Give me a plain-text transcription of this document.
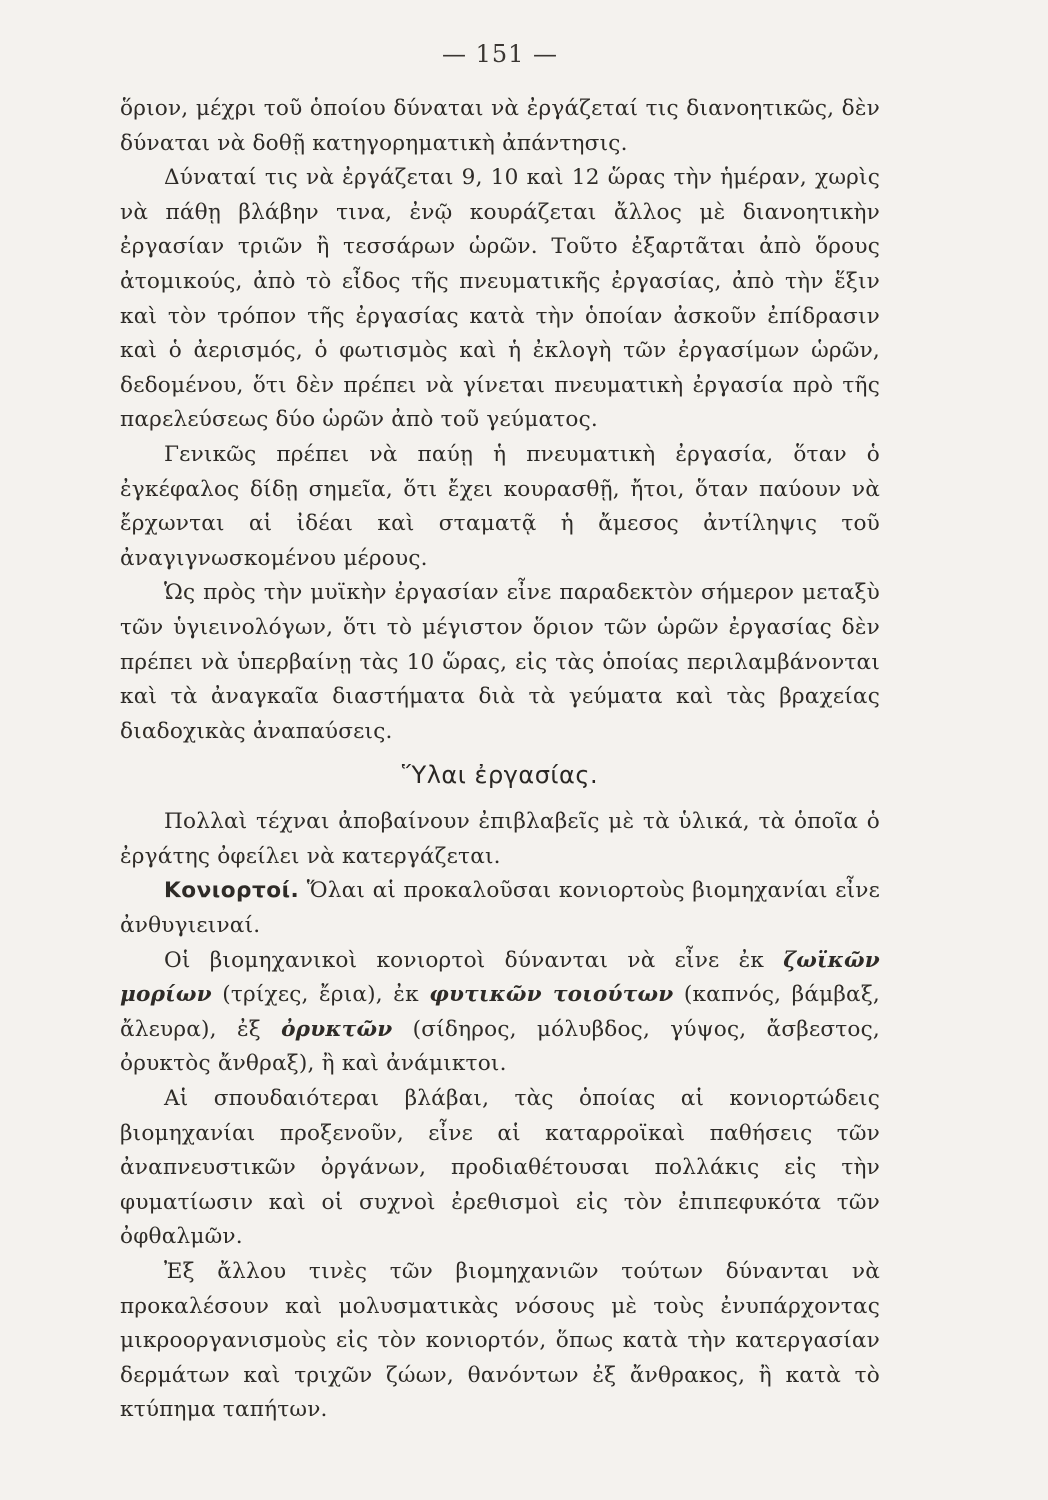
— 151 —

ὅριον, μέχρι τοῦ ὁποίου δύναται νὰ ἐργάζεταί τις διανοητικῶς, δὲν δύναται νὰ δοθῇ κατηγορηματικὴ ἀπάντησις.

Δύναταί τις νὰ ἐργάζεται 9, 10 καὶ 12 ὥρας τὴν ἡμέραν, χωρὶς νὰ πάθῃ βλάβην τινα, ἐνῷ κουράζεται ἄλλος μὲ διανοητικὴν ἐργασίαν τριῶν ἢ τεσσάρων ὡρῶν. Τοῦτο ἐξαρτᾶται ἀπὸ ὅρους ἀτομικούς, ἀπὸ τὸ εἶδος τῆς πνευματικῆς ἐργασίας, ἀπὸ τὴν ἕξιν καὶ τὸν τρόπον τῆς ἐργασίας κατὰ τὴν ὁποίαν ἀσκοῦν ἐπίδρασιν καὶ ὁ ἀερισμός, ὁ φωτισμὸς καὶ ἡ ἐκλογὴ τῶν ἐργασίμων ὡρῶν, δεδομένου, ὅτι δὲν πρέπει νὰ γίνεται πνευματικὴ ἐργασία πρὸ τῆς παρελεύσεως δύο ὡρῶν ἀπὸ τοῦ γεύματος.

Γενικῶς πρέπει νὰ παύῃ ἡ πνευματικὴ ἐργασία, ὅταν ὁ ἐγκέφαλος δίδῃ σημεῖα, ὅτι ἔχει κουρασθῇ, ἤτοι, ὅταν παύουν νὰ ἔρχωνται αἱ ἰδέαι καὶ σταματᾷ ἡ ἄμεσος ἀντίληψις τοῦ ἀναγιγνωσκομένου μέρους.

Ὡς πρὸς τὴν μυϊκὴν ἐργασίαν εἶνε παραδεκτὸν σήμερον μεταξὺ τῶν ὑγιεινολόγων, ὅτι τὸ μέγιστον ὅριον τῶν ὡρῶν ἐργασίας δὲν πρέπει νὰ ὑπερβαίνῃ τὰς 10 ὥρας, εἰς τὰς ὁποίας περιλαμβάνονται καὶ τὰ ἀναγκαῖα διαστήματα διὰ τὰ γεύματα καὶ τὰς βραχείας διαδοχικὰς ἀναπαύσεις.

Ὕλαι ἐργασίας.

Πολλαὶ τέχναι ἀποβαίνουν ἐπιβλαβεῖς μὲ τὰ ὑλικά, τὰ ὁποῖα ὁ ἐργάτης ὀφείλει νὰ κατεργάζεται.

Κονιορτοί. Ὅλαι αἱ προκαλοῦσαι κονιορτοὺς βιομηχανίαι εἶνε ἀνθυγιειναί.

Οἱ βιομηχανικοὶ κονιορτοὶ δύνανται νὰ εἶνε ἐκ ζωϊκῶν μορίων (τρίχες, ἔρια), ἐκ φυτικῶν τοιούτων (καπνός, βάμβαξ, ἄλευρα), ἐξ ὀρυκτῶν (σίδηρος, μόλυβδος, γύψος, ἄσβεστος, ὀρυκτὸς ἄνθραξ), ἢ καὶ ἀνάμικτοι.

Αἱ σπουδαιότεραι βλάβαι, τὰς ὁποίας αἱ κονιορτώδεις βιομηχανίαι προξενοῦν, εἶνε αἱ καταρροϊκαὶ παθήσεις τῶν ἀναπνευστικῶν ὀργάνων, προδιαθέτουσαι πολλάκις εἰς τὴν φυματίωσιν καὶ οἱ συχνοὶ ἐρεθισμοὶ εἰς τὸν ἐπιπεφυκότα τῶν ὀφθαλμῶν.

Ἐξ ἄλλου τινὲς τῶν βιομηχανιῶν τούτων δύνανται νὰ προκαλέσουν καὶ μολυσματικὰς νόσους μὲ τοὺς ἐνυπάρχοντας μικροοργανισμοὺς εἰς τὸν κονιορτόν, ὅπως κατὰ τὴν κατεργασίαν δερμάτων καὶ τριχῶν ζώων, θανόντων ἐξ ἄνθρακος, ἢ κατὰ τὸ κτύπημα ταπήτων.
